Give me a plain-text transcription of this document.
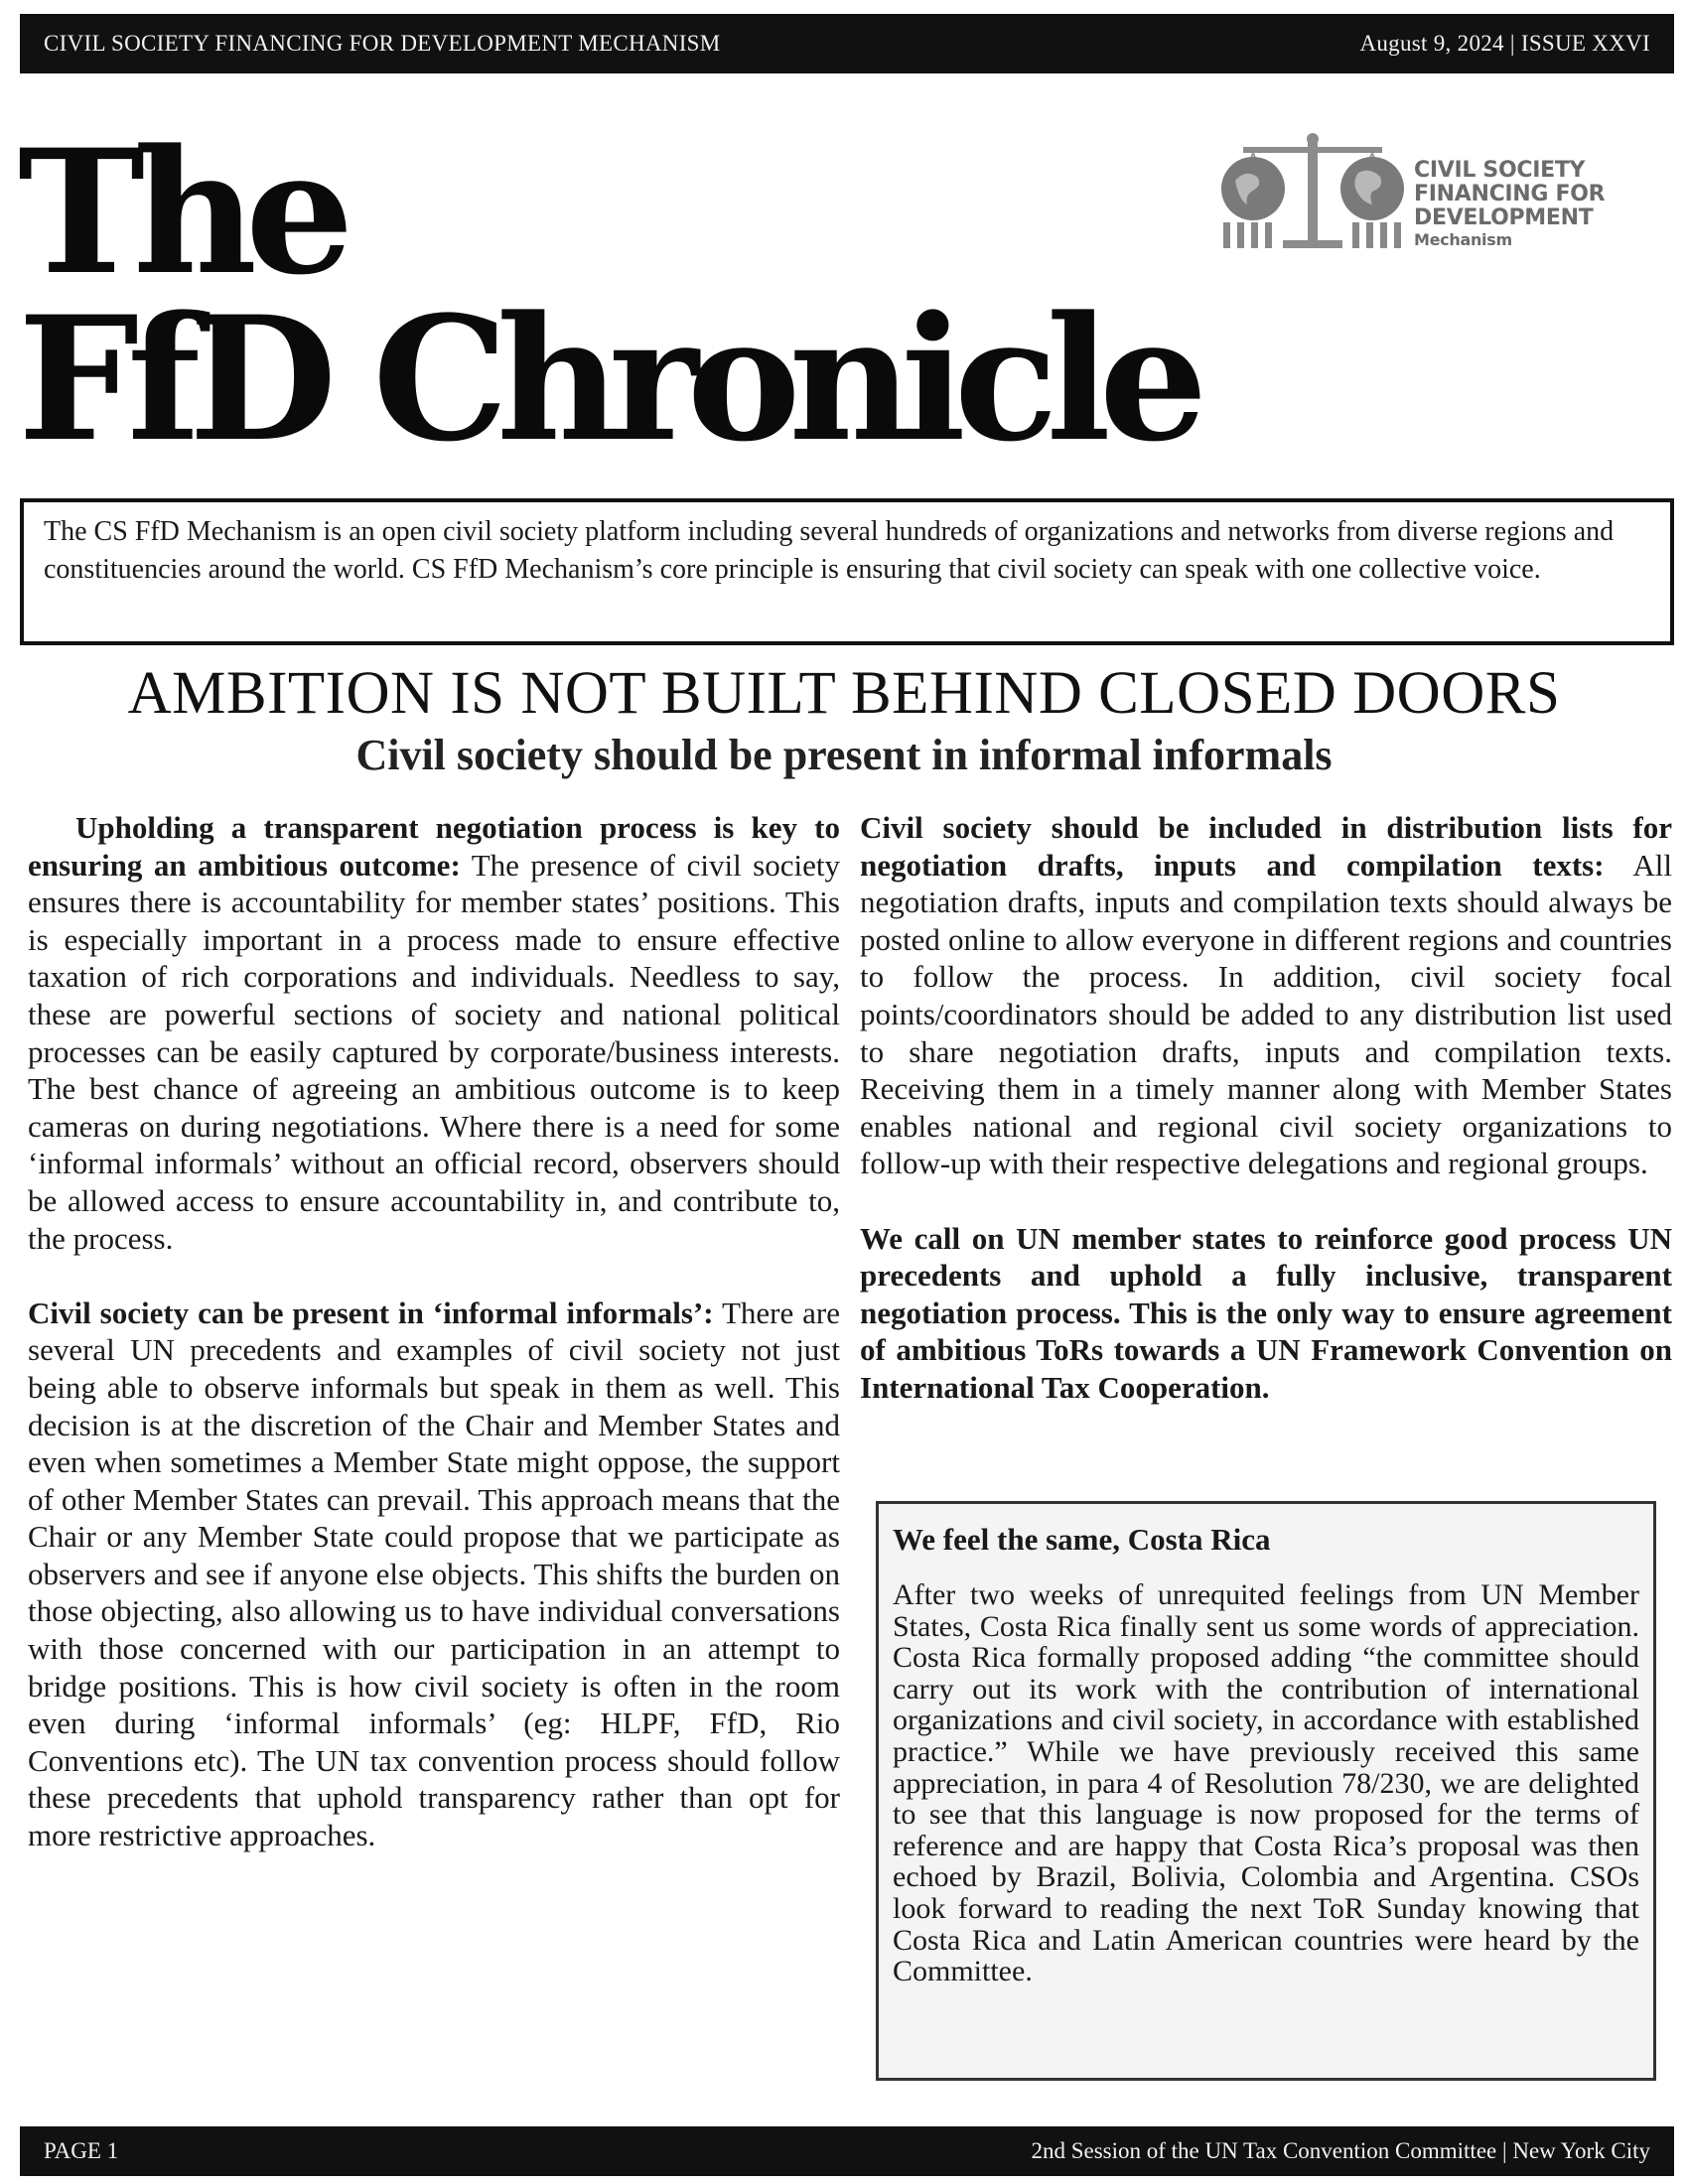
CIVIL SOCIETY FINANCING FOR DEVELOPMENT MECHANISM	August 9, 2024 | ISSUE XXVI
The
FfD Chronicle
CIVIL SOCIETY
FINANCING FOR
DEVELOPMENT
Mechanism
The CS FfD Mechanism is an open civil society platform including several hundreds of organizations and networks from diverse regions and constituencies around the world. CS FfD Mechanism’s core principle is ensuring that civil society can speak with one collective voice.
AMBITION IS NOT BUILT BEHIND CLOSED DOORS
Civil society should be present in informal informals

Upholding a transparent negotiation process is key to ensuring an ambitious outcome: The presence of civil society ensures there is accountability for member states’ positions. This is especially important in a process made to ensure effective taxation of rich corporations and individuals. Needless to say, these are powerful sections of society and national political processes can be easily captured by corporate/business interests. The best chance of agreeing an ambitious outcome is to keep cameras on during negotiations. Where there is a need for some ‘informal informals’ without an official record, observers should be allowed access to ensure accountability in, and contribute to, the process.

Civil society can be present in ‘informal informals’: There are several UN precedents and examples of civil society not just being able to observe informals but speak in them as well. This decision is at the discretion of the Chair and Member States and even when sometimes a Member State might oppose, the support of other Member States can prevail. This approach means that the Chair or any Member State could propose that we participate as observers and see if anyone else objects. This shifts the burden on those objecting, also allowing us to have individual conversations with those concerned with our participation in an attempt to bridge positions. This is how civil society is often in the room even during ‘informal informals’ (eg: HLPF, FfD, Rio Conventions etc). The UN tax convention process should follow these precedents that uphold transparency rather than opt for more restrictive approaches.

Civil society should be included in distribution lists for negotiation drafts, inputs and compilation texts: All negotiation drafts, inputs and compilation texts should always be posted online to allow everyone in different regions and countries to follow the process. In addition, civil society focal points/coordinators should be added to any distribution list used to share negotiation drafts, inputs and compilation texts. Receiving them in a timely manner along with Member States enables national and regional civil society organizations to follow-up with their respective delegations and regional groups.

We call on UN member states to reinforce good process UN precedents and uphold a fully inclusive, transparent negotiation process. This is the only way to ensure agreement of ambitious ToRs towards a UN Framework Convention on International Tax Cooperation.

We feel the same, Costa Rica
After two weeks of unrequited feelings from UN Member States, Costa Rica finally sent us some words of appreciation. Costa Rica formally proposed adding “the committee should carry out its work with the contribution of international organizations and civil society, in accordance with established practice.” While we have previously received this same appreciation, in para 4 of Resolution 78/230, we are delighted to see that this language is now proposed for the terms of reference and are happy that Costa Rica’s proposal was then echoed by Brazil, Bolivia, Colombia and Argentina. CSOs look forward to reading the next ToR Sunday knowing that Costa Rica and Latin American countries were heard by the Committee.
PAGE 1	2nd Session of the UN Tax Convention Committee | New York City
